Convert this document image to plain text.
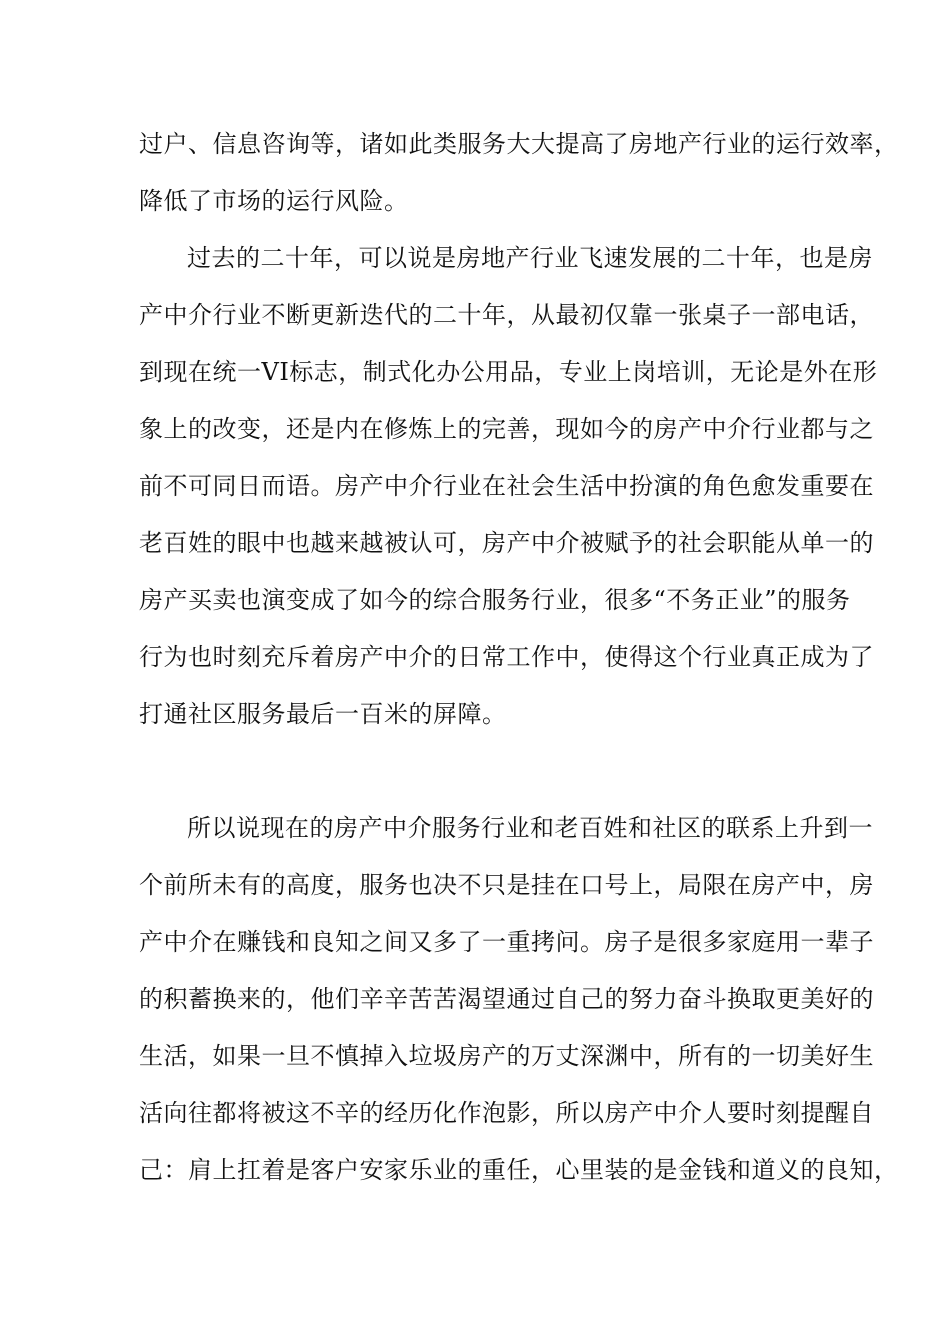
过户、信息咨询等，诸如此类服务大大提高了房地产行业的运行效率，
降低了市场的运行风险。
过去的二十年，可以说是房地产行业飞速发展的二十年，也是房
产中介行业不断更新迭代的二十年，从最初仅靠一张桌子一部电话，
到现在统一VI标志，制式化办公用品，专业上岗培训，无论是外在形
象上的改变，还是内在修炼上的完善，现如今的房产中介行业都与之
前不可同日而语。房产中介行业在社会生活中扮演的角色愈发重要在
老百姓的眼中也越来越被认可，房产中介被赋予的社会职能从单一的
房产买卖也演变成了如今的综合服务行业，很多“不务正业”的服务
行为也时刻充斥着房产中介的日常工作中，使得这个行业真正成为了
打通社区服务最后一百米的屏障。
所以说现在的房产中介服务行业和老百姓和社区的联系上升到一
个前所未有的高度，服务也决不只是挂在口号上，局限在房产中，房
产中介在赚钱和良知之间又多了一重拷问。房子是很多家庭用一辈子
的积蓄换来的，他们辛辛苦苦渴望通过自己的努力奋斗换取更美好的
生活，如果一旦不慎掉入垃圾房产的万丈深渊中，所有的一切美好生
活向往都将被这不辛的经历化作泡影，所以房产中介人要时刻提醒自
己：肩上扛着是客户安家乐业的重任，心里装的是金钱和道义的良知，
